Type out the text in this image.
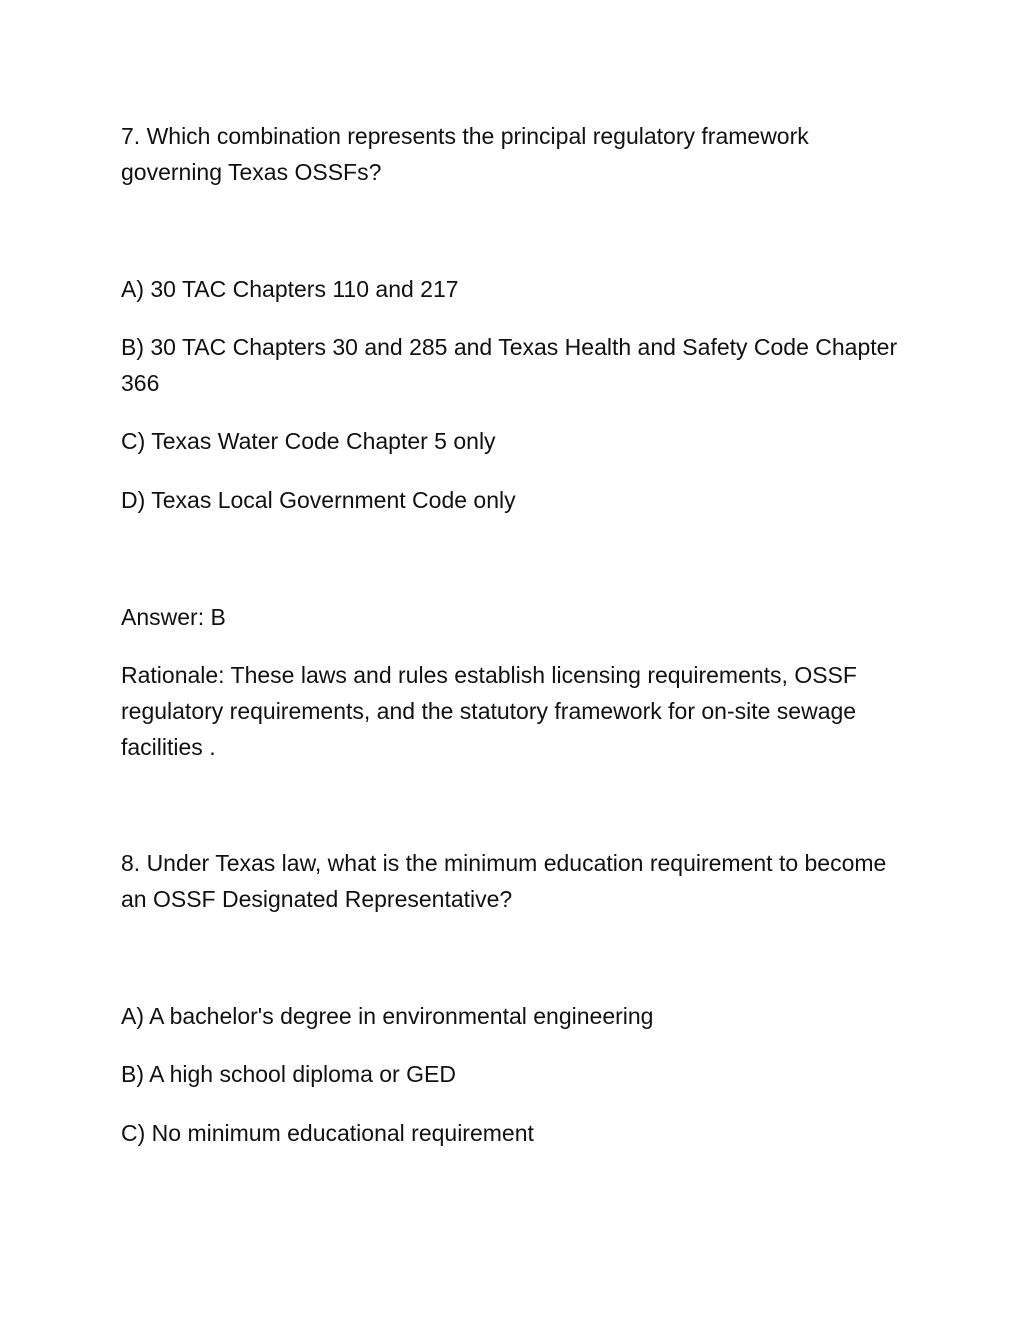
7. Which combination represents the principal regulatory framework governing Texas OSSFs?

A) 30 TAC Chapters 110 and 217

B) 30 TAC Chapters 30 and 285 and Texas Health and Safety Code Chapter 366

C) Texas Water Code Chapter 5 only

D) Texas Local Government Code only

Answer: B

Rationale: These laws and rules establish licensing requirements, OSSF regulatory requirements, and the statutory framework for on-site sewage facilities .

8. Under Texas law, what is the minimum education requirement to become an OSSF Designated Representative?

A) A bachelor's degree in environmental engineering

B) A high school diploma or GED

C) No minimum educational requirement
